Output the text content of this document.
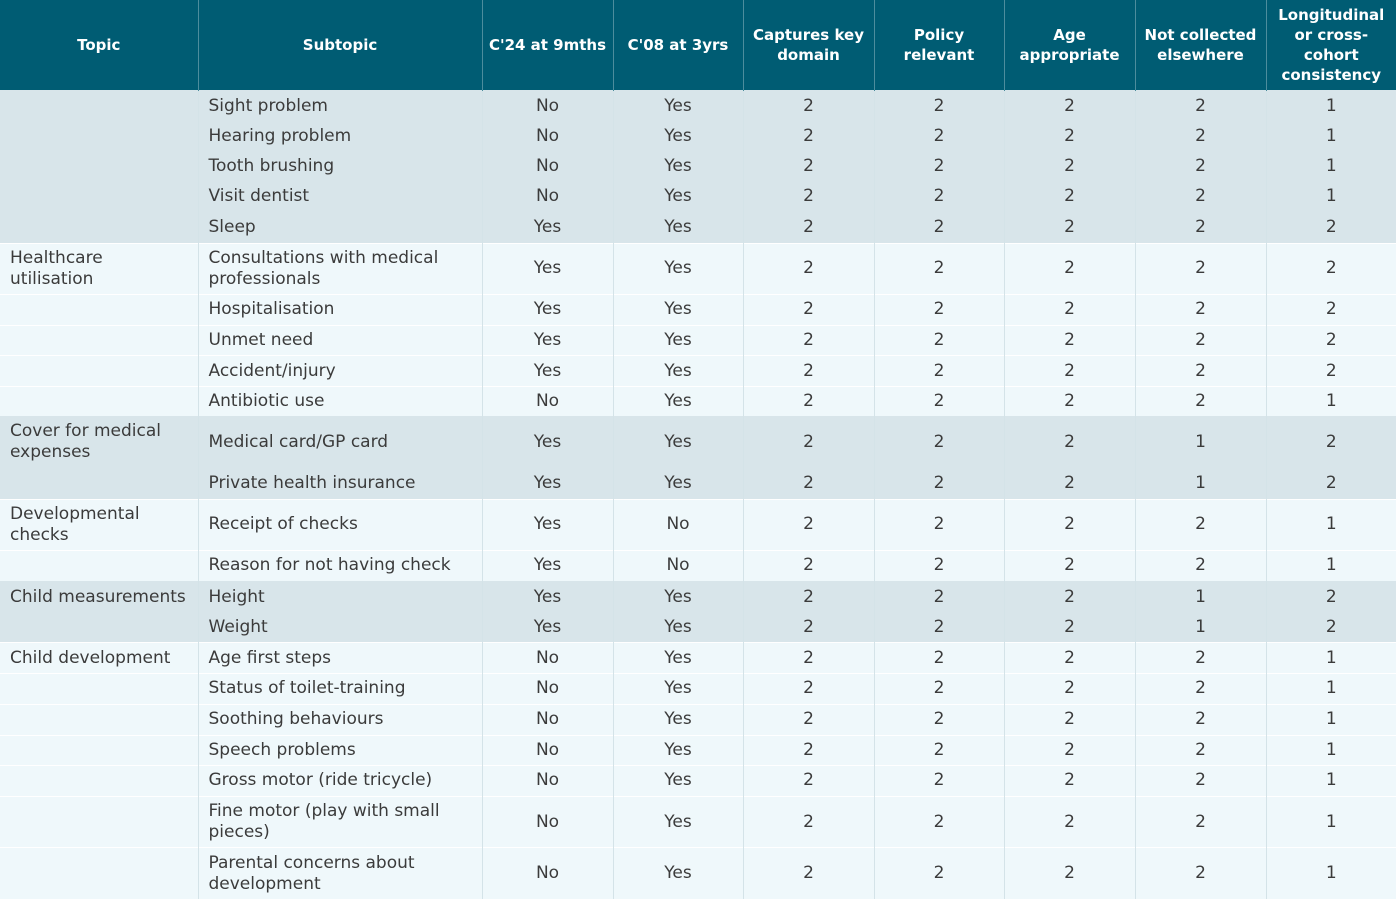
Topic	Subtopic	C'24 at 9mths	C'08 at 3yrs	Captures key domain	Policy relevant	Age appropriate	Not collected elsewhere	Longitudinal or cross-cohort consistency
	Sight problem	No	Yes	2	2	2	2	1
	Hearing problem	No	Yes	2	2	2	2	1
	Tooth brushing	No	Yes	2	2	2	2	1
	Visit dentist	No	Yes	2	2	2	2	1
	Sleep	Yes	Yes	2	2	2	2	2
Healthcare utilisation	Consultations with medical professionals	Yes	Yes	2	2	2	2	2
	Hospitalisation	Yes	Yes	2	2	2	2	2
	Unmet need	Yes	Yes	2	2	2	2	2
	Accident/injury	Yes	Yes	2	2	2	2	2
	Antibiotic use	No	Yes	2	2	2	2	1
Cover for medical expenses	Medical card/GP card	Yes	Yes	2	2	2	1	2
	Private health insurance	Yes	Yes	2	2	2	1	2
Developmental checks	Receipt of checks	Yes	No	2	2	2	2	1
	Reason for not having check	Yes	No	2	2	2	2	1
Child measurements	Height	Yes	Yes	2	2	2	1	2
	Weight	Yes	Yes	2	2	2	1	2
Child development	Age first steps	No	Yes	2	2	2	2	1
	Status of toilet-training	No	Yes	2	2	2	2	1
	Soothing behaviours	No	Yes	2	2	2	2	1
	Speech problems	No	Yes	2	2	2	2	1
	Gross motor (ride tricycle)	No	Yes	2	2	2	2	1
	Fine motor (play with small pieces)	No	Yes	2	2	2	2	1
	Parental concerns about development	No	Yes	2	2	2	2	1
